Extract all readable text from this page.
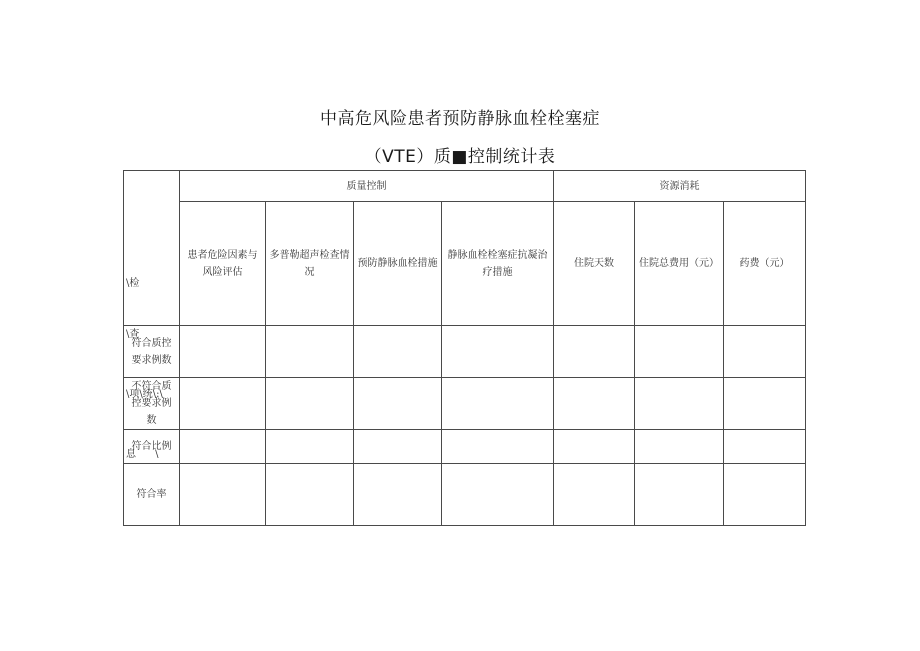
中高危风险患者预防静脉血栓栓塞症
（VTE）质■控制统计表

\检

\查

\项\统\:\

息      \	质量控制				资源消耗		
	患者危险因素与风险评估	多普勒超声检查情况	预防静脉血栓措施	静脉血栓栓塞症抗凝治疗措施	住院天数	住院总费用（元）	药费（元）
符合质控要求例数							
不符合质控要求例数							
符合比例							
符合率							
